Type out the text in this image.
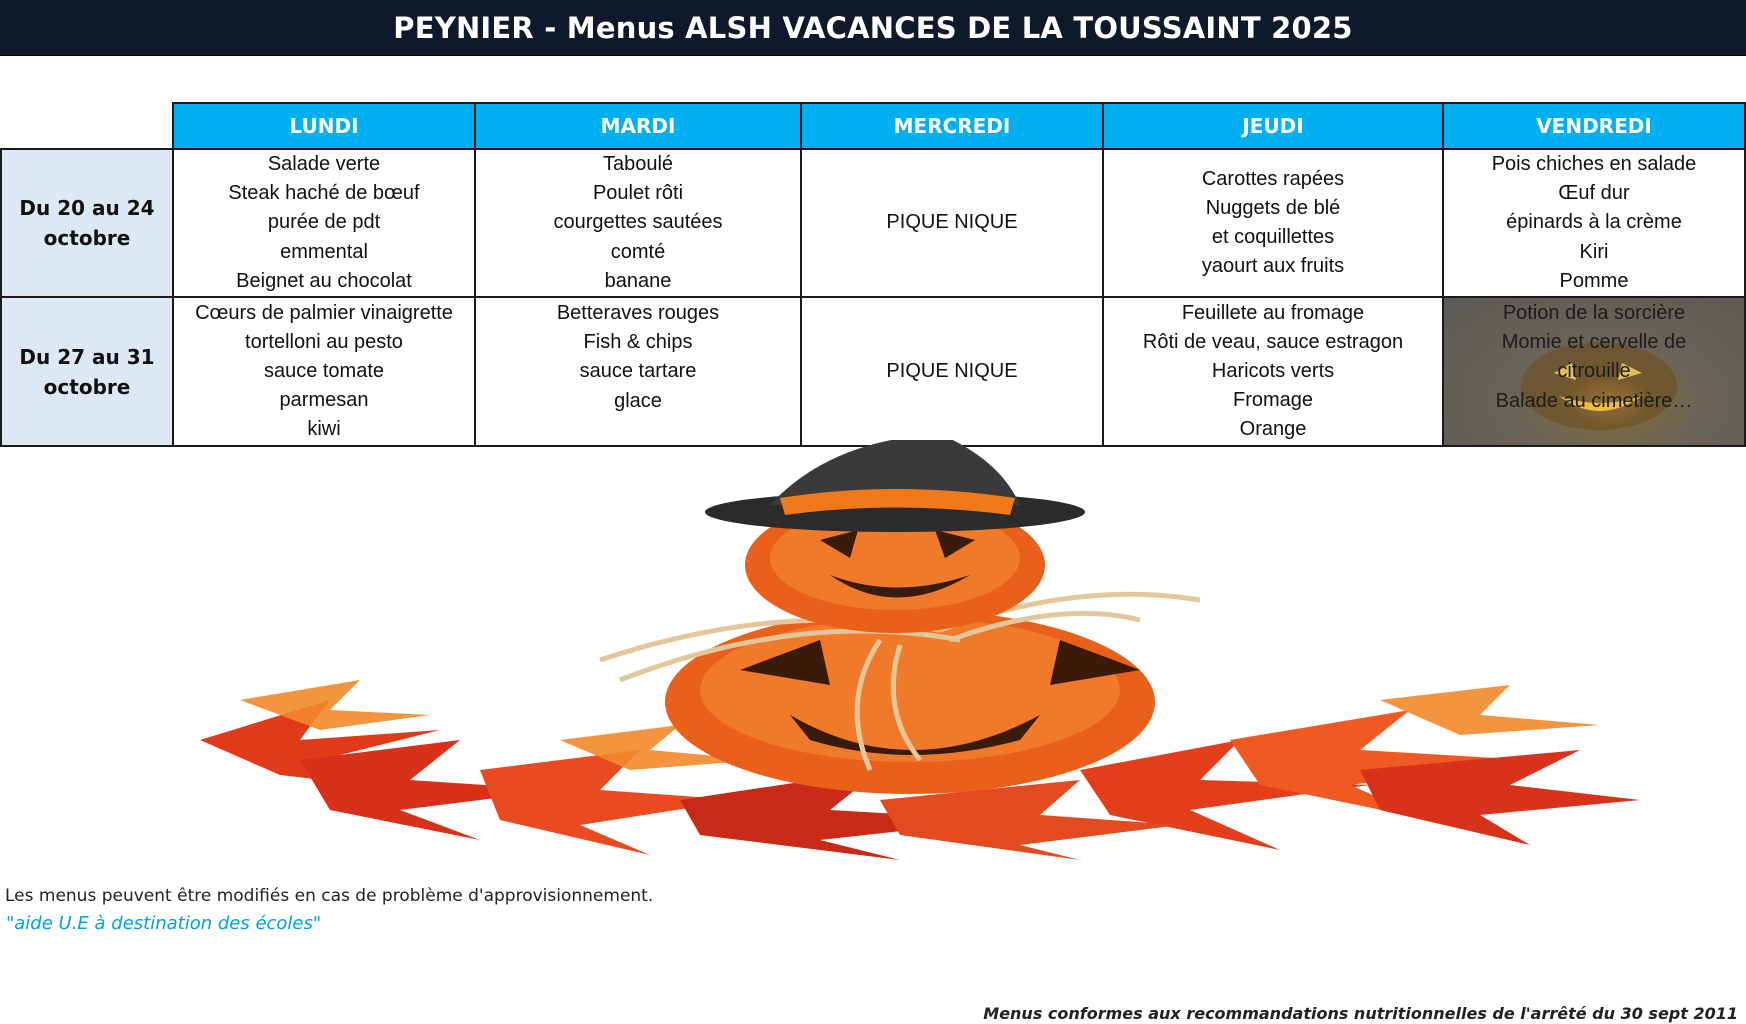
PEYNIER - Menus ALSH VACANCES DE LA TOUSSAINT 2025
	LUNDI	MARDI	MERCREDI	JEUDI	VENDREDI
Du 20 au 24
octobre	Salade verte
Steak haché de bœuf
purée de pdt
emmental
Beignet au chocolat	Taboulé
Poulet rôti
courgettes sautées
comté
banane	PIQUE NIQUE	Carottes rapées
Nuggets de blé
et coquillettes
yaourt aux fruits	Pois chiches en salade
Œuf dur
épinards à la crème
Kiri
Pomme

Du 27 au 31
octobre	Cœurs de palmier vinaigrette
tortelloni au pesto
sauce tomate
parmesan
kiwi	Betteraves rouges
Fish & chips
sauce tartare
glace	PIQUE NIQUE	Feuillete au fromage
Rôti de veau, sauce estragon
Haricots verts
Fromage
Orange	Potion de la sorcière
Momie et cervelle de
citrouille
Balade au cimetière…
Les menus peuvent être modifiés en cas de problème d'approvisionnement.
"aide U.E à destination des écoles"
Menus conformes aux recommandations nutritionnelles de l'arrêté du 30 sept 2011
